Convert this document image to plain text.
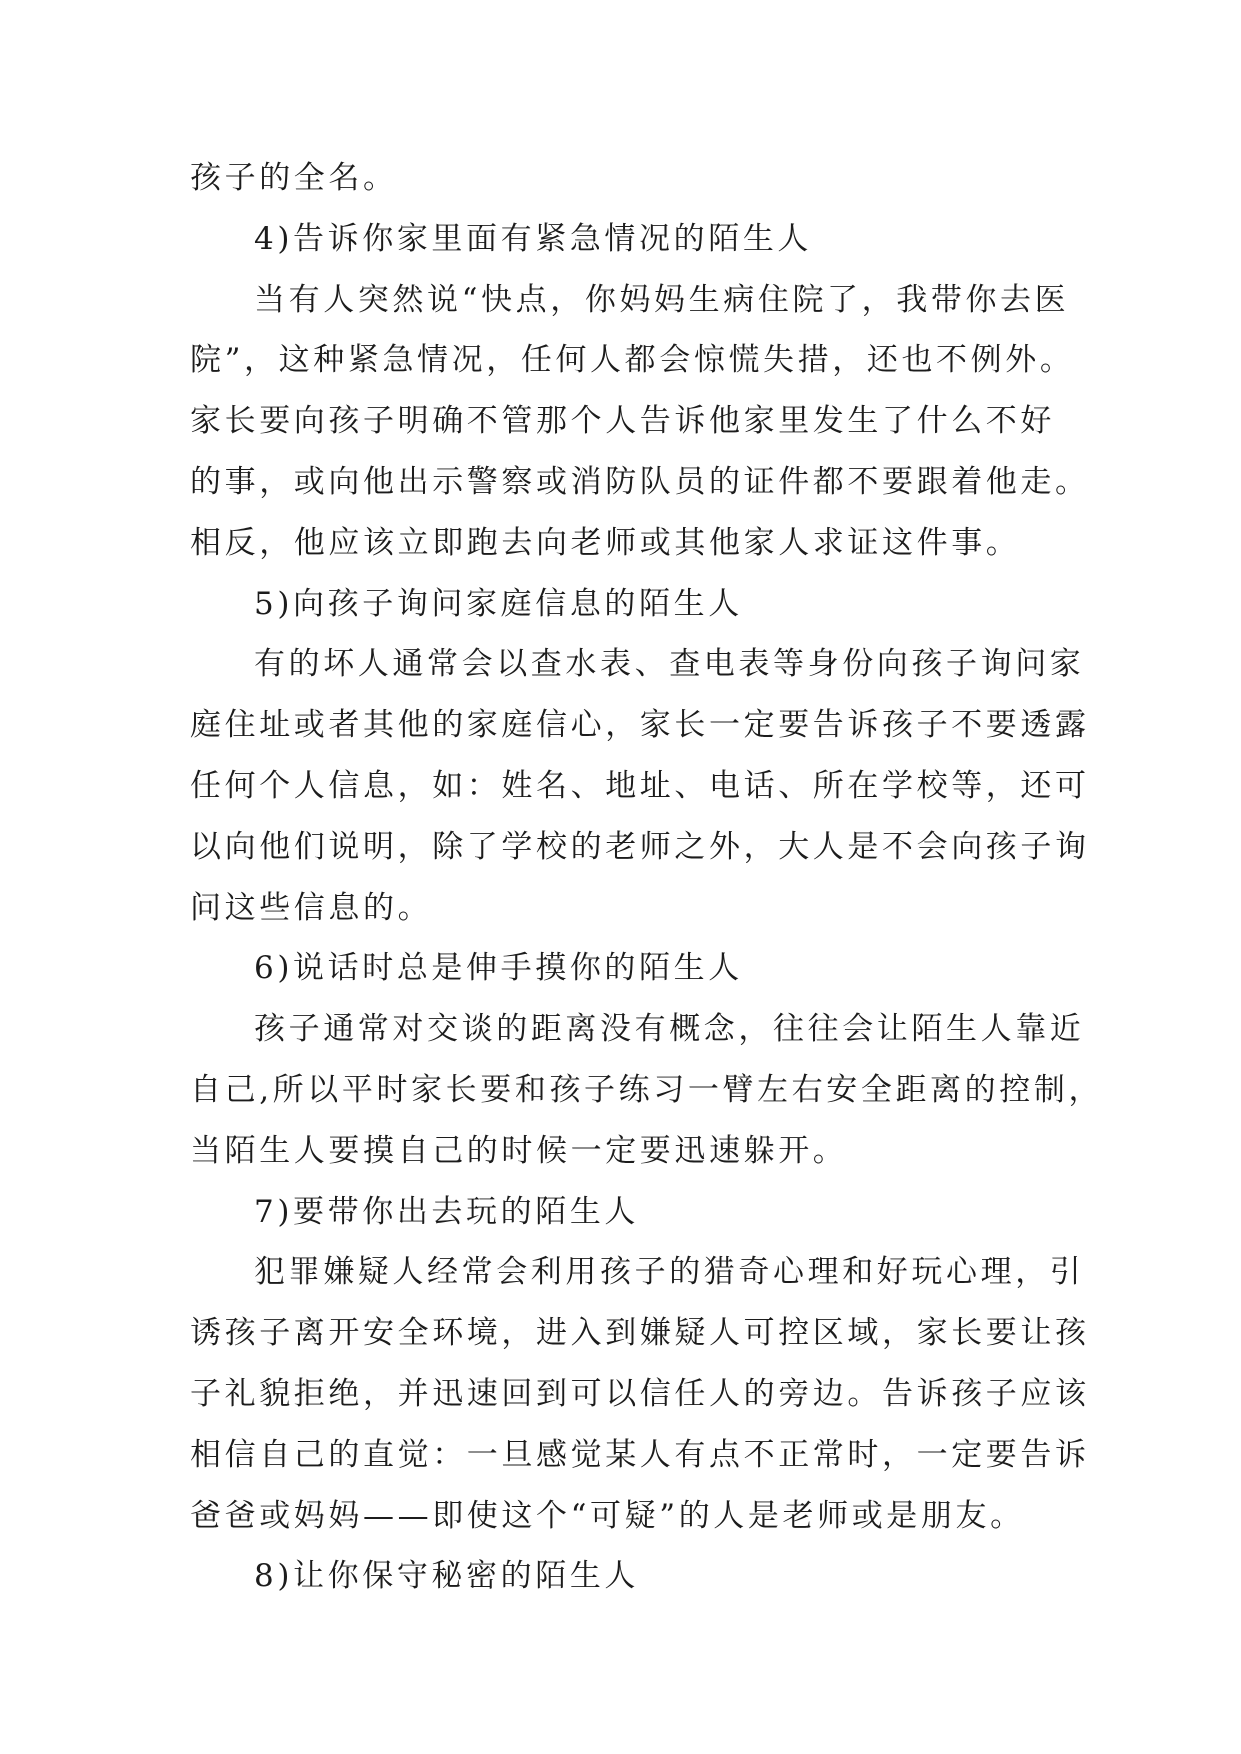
孩子的全名。
4)告诉你家里面有紧急情况的陌生人
当有人突然说“快点，你妈妈生病住院了，我带你去医
院”，这种紧急情况，任何人都会惊慌失措，还也不例外。
家长要向孩子明确不管那个人告诉他家里发生了什么不好
的事，或向他出示警察或消防队员的证件都不要跟着他走。
相反，他应该立即跑去向老师或其他家人求证这件事。
5)向孩子询问家庭信息的陌生人
有的坏人通常会以查水表、查电表等身份向孩子询问家
庭住址或者其他的家庭信心，家长一定要告诉孩子不要透露
任何个人信息，如：姓名、地址、电话、所在学校等，还可
以向他们说明，除了学校的老师之外，大人是不会向孩子询
问这些信息的。
6)说话时总是伸手摸你的陌生人
孩子通常对交谈的距离没有概念，往往会让陌生人靠近
自己,所以平时家长要和孩子练习一臂左右安全距离的控制，
当陌生人要摸自己的时候一定要迅速躲开。
7)要带你出去玩的陌生人
犯罪嫌疑人经常会利用孩子的猎奇心理和好玩心理，引
诱孩子离开安全环境，进入到嫌疑人可控区域，家长要让孩
子礼貌拒绝，并迅速回到可以信任人的旁边。告诉孩子应该
相信自己的直觉：一旦感觉某人有点不正常时，一定要告诉
爸爸或妈妈——即使这个“可疑”的人是老师或是朋友。
8)让你保守秘密的陌生人
